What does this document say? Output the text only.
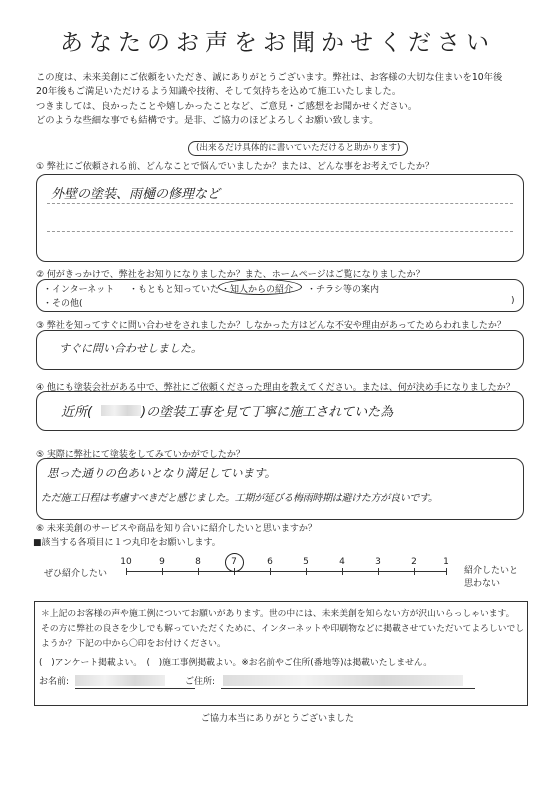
あなたのお声をお聞かせください
この度は、未来美創にご依頼をいただき、誠にありがとうございます。弊社は、お客様の大切な住まいを10年後
20年後もご満足いただけるよう知識や技術、そして気持ちを込めて施工いたしました。
つきましては、良かったことや嬉しかったことなど、ご意見・ご感想をお聞かせください。
どのような些細な事でも結構です。是非、ご協力のほどよろしくお願い致します。
(出来るだけ具体的に書いていただけると助かります)
① 弊社にご依頼される前、どんなことで悩んでいましたか？または、どんな事をお考えでしたか？
外壁の塗装、雨樋の修理など
② 何がきっかけで、弊社をお知りになりましたか？また、ホームページはご覧になりましたか？
・インターネット ・もともと知っていた ・知人からの紹介 ・チラシ等の案内
・その他(	)
③ 弊社を知ってすぐに問い合わせをされましたか？しなかった方はどんな不安や理由があってためらわれましたか？
すぐに問い合わせしました。
④ 他にも塗装会社がある中で、弊社にご依頼くださった理由を教えてください。または、何が決め手になりましたか？
近所(	)の塗装工事を見て丁寧に施工されていた為
⑤ 実際に弊社にて塗装をしてみていかがでしたか？
思った通りの色あいとなり満足しています。
ただ施工日程は考慮すべきだと感じました。工期が延びる梅雨時期は避けた方が良いです。
⑥ 未来美創のサービスや商品を知り合いに紹介したいと思いますか？
■該当する各項目に１つ丸印をお願いします。
ぜひ紹介したい	紹介したいと
思わない
10	9	8	7	6	5	4	3	2	1
＊上記のお客様の声や施工例についてお願いがあります。世の中には、未来美創を知らない方が沢山いらっしゃいます。
その方に弊社の良さを少しでも解っていただくために、インターネットや印刷物などに掲載させていただいてよろしいでし
ようか？下記の中から〇印をお付けください。
(　)アンケート掲載よい。　(　)施工事例掲載よい。※お名前やご住所(番地等)は掲載いたしません。
お名前:	ご住所:
ご協力本当にありがとうございました
